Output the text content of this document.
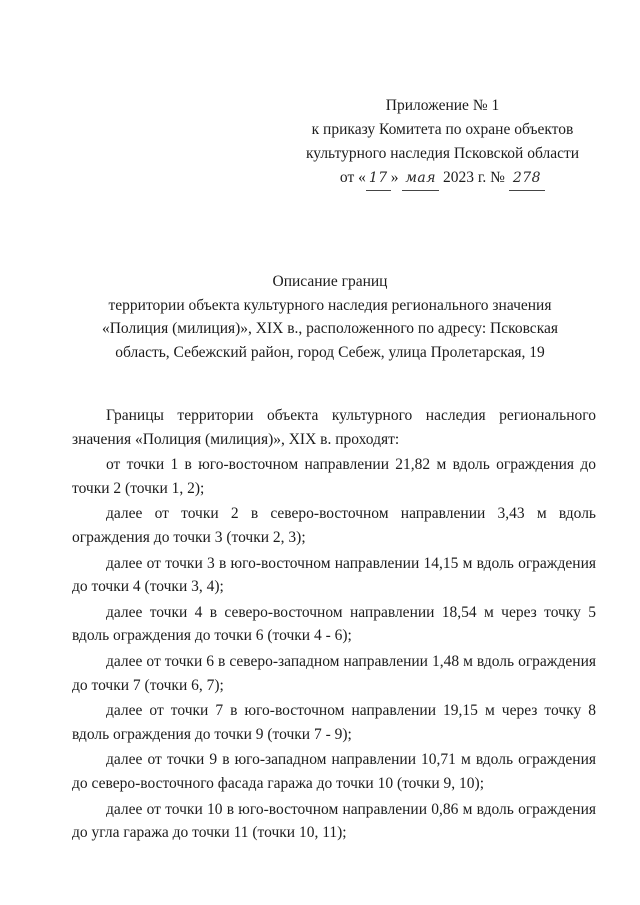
Приложение № 1
к приказу Комитета по охране объектов
культурного наследия Псковской области
от « 17 » мая 2023 г. № 278
Описание границ
территории объекта культурного наследия регионального значения
«Полиция (милиция)», XIX в., расположенного по адресу: Псковская
область, Себежский район, город Себеж, улица Пролетарская, 19

Границы территории объекта культурного наследия регионального значения «Полиция (милиция)», XIX в. проходят:

от точки 1 в юго-восточном направлении 21,82 м вдоль ограждения до точки 2 (точки 1, 2);

далее от точки 2 в северо-восточном направлении 3,43 м вдоль ограждения до точки 3 (точки 2, 3);

далее от точки 3 в юго-восточном направлении 14,15 м вдоль ограждения до точки 4 (точки 3, 4);

далее точки 4 в северо-восточном направлении 18,54 м через точку 5 вдоль ограждения до точки 6 (точки 4 - 6);

далее от точки 6 в северо-западном направлении 1,48 м вдоль ограждения до точки 7 (точки 6, 7);

далее от точки 7 в юго-восточном направлении 19,15 м через точку 8 вдоль ограждения до точки 9 (точки 7 - 9);

далее от точки 9 в юго-западном направлении 10,71 м вдоль ограждения до северо-восточного фасада гаража до точки 10 (точки 9, 10);

далее от точки 10 в юго-восточном направлении 0,86 м вдоль ограждения до угла гаража до точки 11 (точки 10, 11);
